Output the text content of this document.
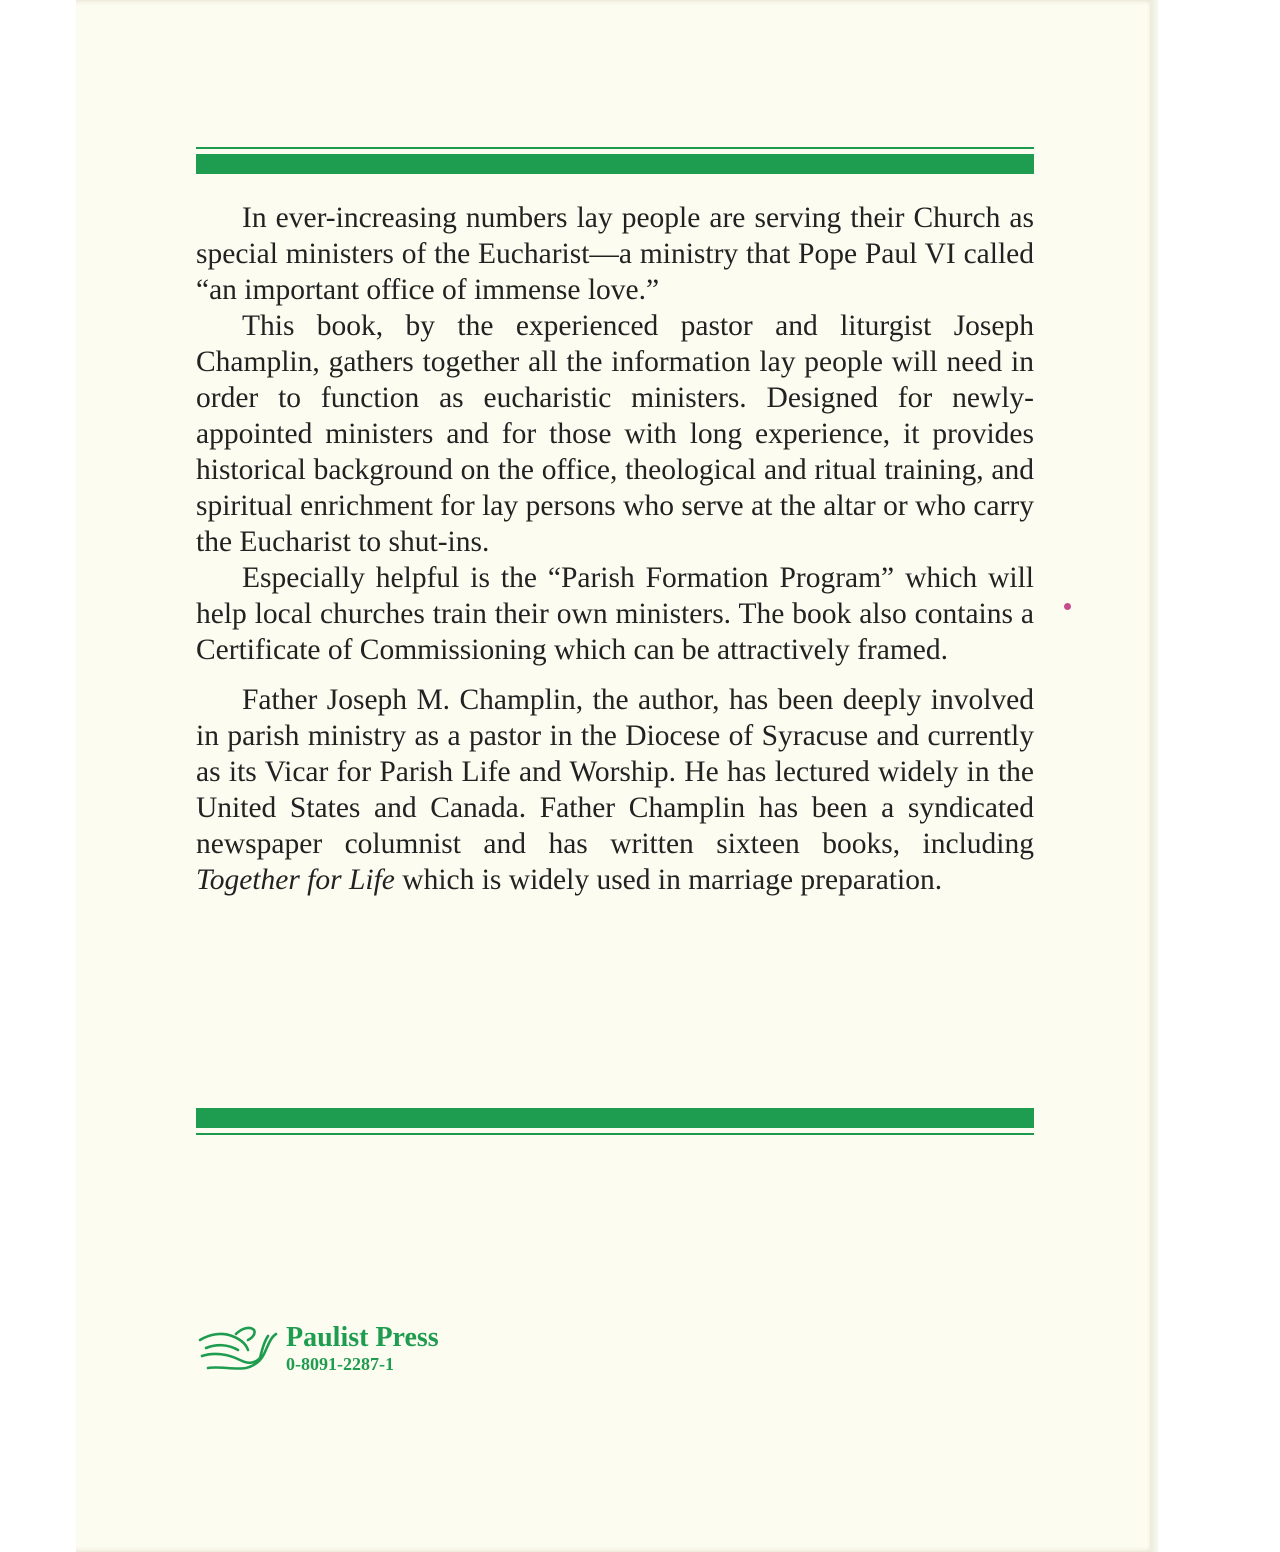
In ever-increasing numbers lay people are serving their Church as special ministers of the Eucharist—a ministry that Pope Paul VI called “an important office of immense love.”

This book, by the experienced pastor and liturgist Joseph Champlin, gathers together all the information lay people will need in order to function as eucharistic ministers. Designed for newly-appointed ministers and for those with long experience, it provides historical background on the office, theological and ritual training, and spiritual enrichment for lay persons who serve at the altar or who carry the Eucharist to shut-ins.

Especially helpful is the “Parish Formation Program” which will help local churches train their own ministers. The book also contains a Certificate of Commissioning which can be attractively framed.

Father Joseph M. Champlin, the author, has been deeply involved in parish ministry as a pastor in the Diocese of Syracuse and currently as its Vicar for Parish Life and Worship. He has lectured widely in the United States and Canada. Father Champlin has been a syndicated newspaper columnist and has written sixteen books, including Together for Life which is widely used in marriage preparation.

Paulist Press
0-8091-2287-1
